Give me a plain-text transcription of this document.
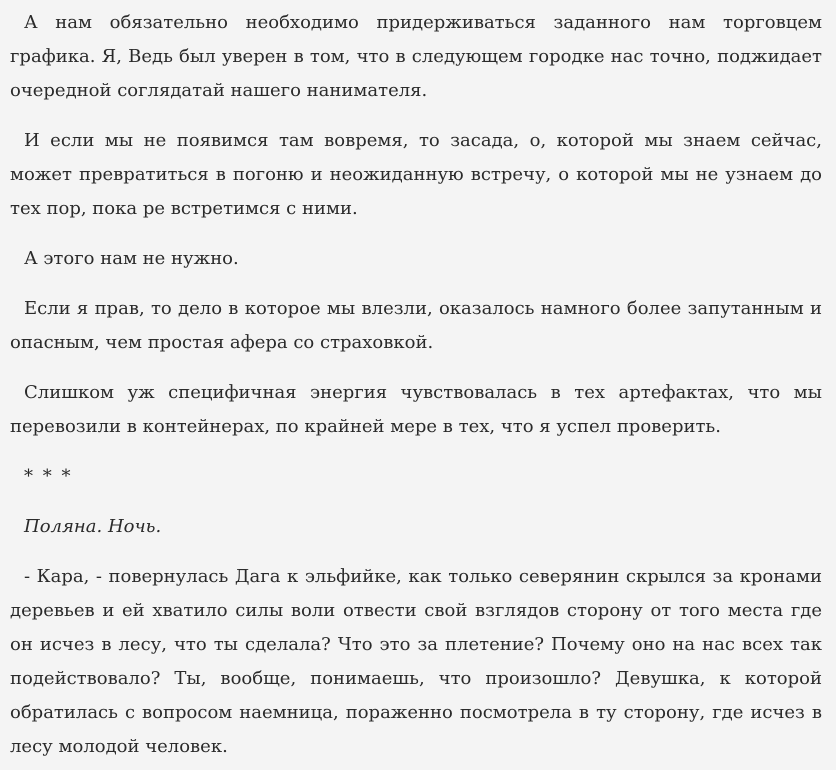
А нам обязательно необходимо придерживаться заданного нам торговцем графика. Я, Ведь был уверен в том, что в следующем городке нас точно, поджидает очередной соглядатай нашего нанимателя.

И если мы не появимся там вовремя, то засада, о, которой мы знаем сейчас, может превратиться в погоню и неожиданную встречу, о которой мы не узнаем до тех пор, пока ре встретимся с ними.

А этого нам не нужно.

Если я прав, то дело в которое мы влезли, оказалось намного более запутанным и опасным, чем простая афера со страховкой.

Слишком уж специфичная энергия чувствовалась в тех артефактах, что мы перевозили в контейнерах, по крайней мере в тех, что я успел проверить.

* * *

Поляна. Ночь.

- Кара, - повернулась Дага к эльфийке, как только северянин скрылся за кронами деревьев и ей хватило силы воли отвести свой взглядов сторону от того места где он исчез в лесу, что ты сделала? Что это за плетение? Почему оно на нас всех так подействовало? Ты, вообще, понимаешь, что произошло? Девушка, к которой обратилась с вопросом наемница, пораженно посмотрела в ту сторону, где исчез в лесу молодой человек.
